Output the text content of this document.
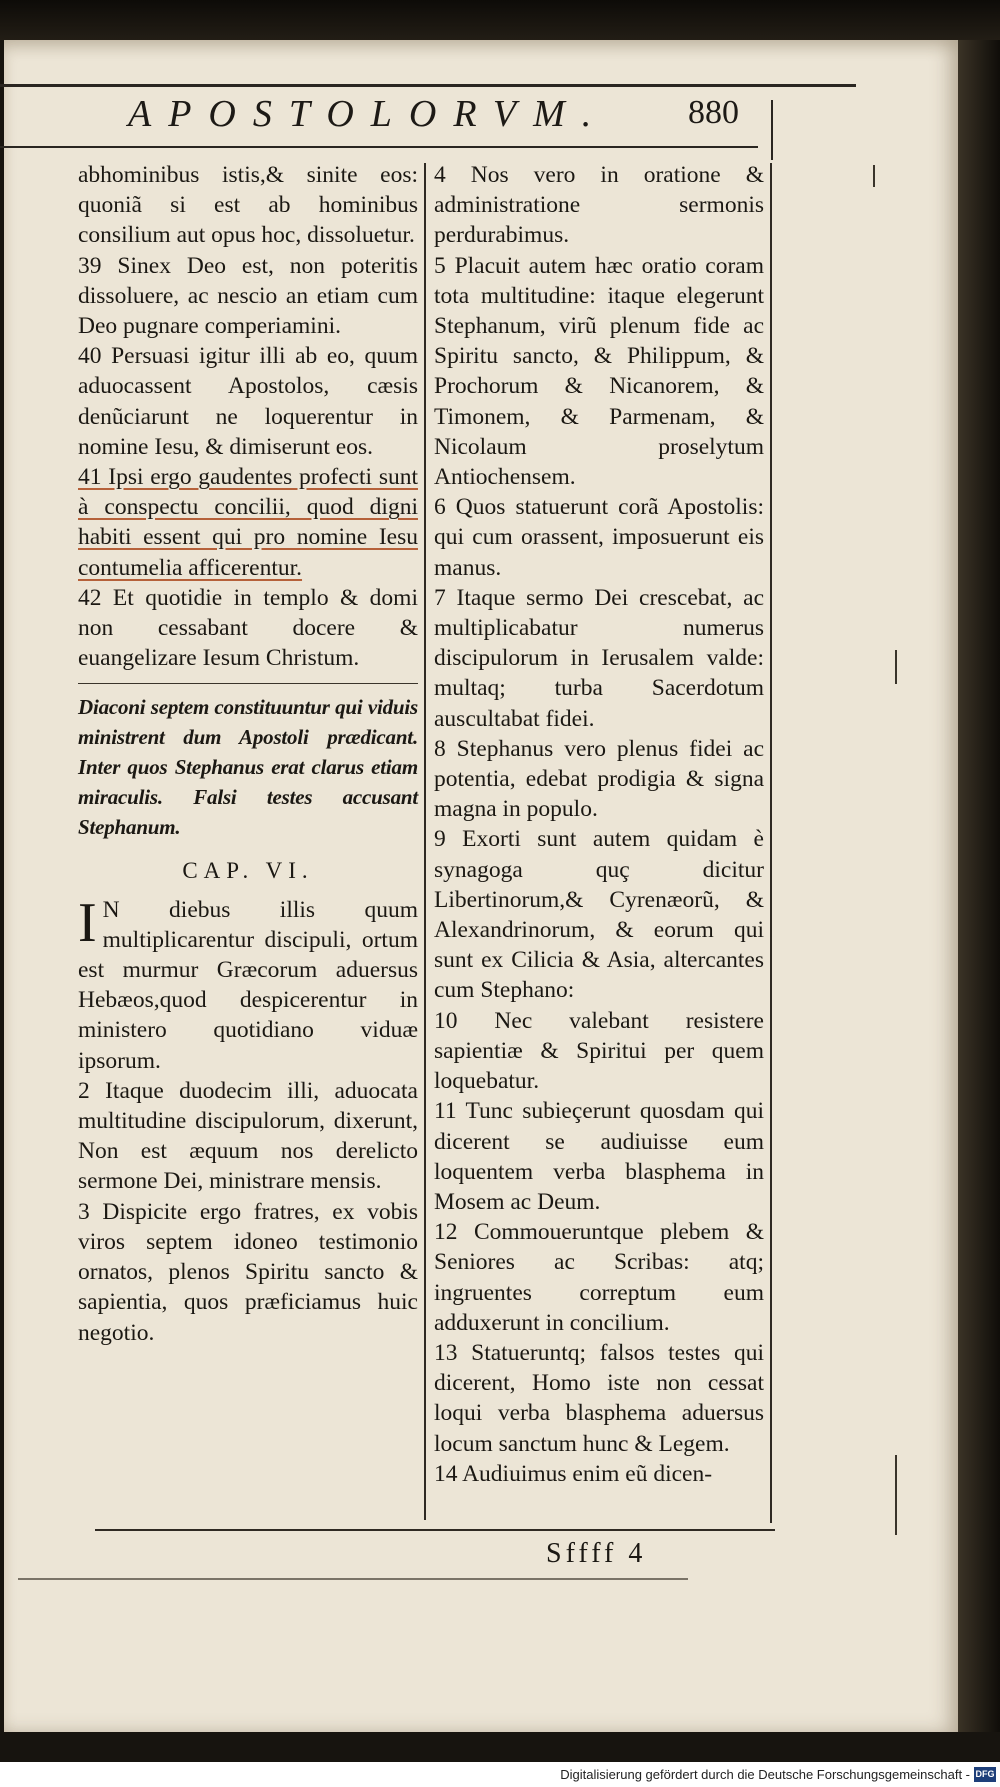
APOSTOLORVM. 880

abhominibus istis,& sinite eos: quoniã si est ab hominibus consilium aut opus hoc, dissoluetur.

39 Sinex Deo est, non poteritis dissoluere, ac nescio an etiam cum Deo pugnare comperiamini.

40 Persuasi igitur illi ab eo, quum aduocassent Apostolos, cæsis denũciarunt ne loquerentur in nomine Iesu, & dimiserunt eos.

41 Ipsi ergo gaudentes profecti sunt à conspectu concilii, quod digni habiti essent qui pro nomine Iesu contumelia afficerentur.

42 Et quotidie in templo & domi non cessabant docere & euangelizare Iesum Christum.

Diaconi septem constituuntur qui viduis ministrent dum Apostoli prædicant. Inter quos Stephanus erat clarus etiam miraculis. Falsi testes accusant Stephanum.

CAP. VI.

I N diebus illis quum multiplicarentur discipuli, ortum est murmur Græcorum aduersus Hebæos,quod despicerentur in ministero quotidiano viduæ ipsorum.

2 Itaque duodecim illi, aduocata multitudine discipulorum, dixerunt, Non est æquum nos derelicto sermone Dei, ministrare mensis.

3 Dispicite ergo fratres, ex vobis viros septem idoneo testimonio ornatos, plenos Spiritu sancto & sapientia, quos præficiamus huic negotio.

4 Nos vero in oratione & administratione sermonis perdurabimus.

5 Placuit autem hæc oratio coram tota multitudine: itaque elegerunt Stephanum, virũ plenum fide ac Spiritu sancto, & Philippum, & Prochorum & Nicanorem, & Timonem, & Parmenam, & Nicolaum proselytum Antiochensem.

6 Quos statuerunt corã Apostolis: qui cum orassent, imposuerunt eis manus.

7 Itaque sermo Dei crescebat, ac multiplicabatur numerus discipulorum in Ierusalem valde: multaq; turba Sacerdotum auscultabat fidei.

8 Stephanus vero plenus fidei ac potentia, edebat prodigia & signa magna in populo.

9 Exorti sunt autem quidam è synagoga quç dicitur Libertinorum,& Cyrenæorũ, & Alexandrinorum, & eorum qui sunt ex Cilicia & Asia, altercantes cum Stephano:

10 Nec valebant resistere sapientiæ & Spiritui per quem loquebatur.

11 Tunc subieçerunt quosdam qui dicerent se audiuisse eum loquentem verba blasphema in Mosem ac Deum.

12 Commoueruntque plebem & Seniores ac Scribas: atq; ingruentes correptum eum adduxerunt in concilium.

13 Statueruntq; falsos testes qui dicerent, Homo iste non cessat loqui verba blasphema aduersus locum sanctum hunc & Legem.

14 Audiuimus enim eũ dicen-

Sffff 4
Digitalisierung gefördert durch die Deutsche Forschungsgemeinschaft - DFG
